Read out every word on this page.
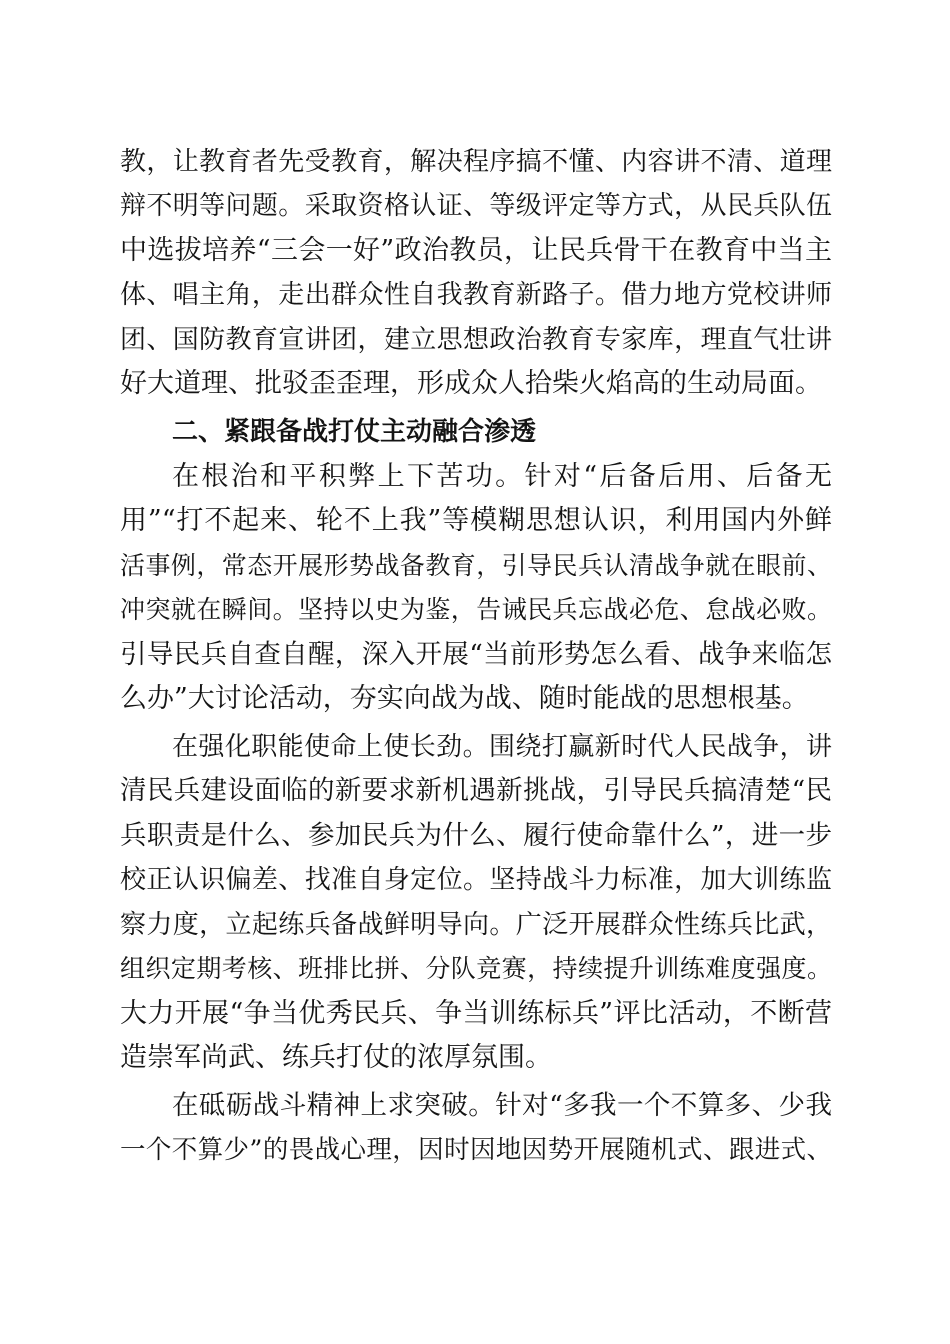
教，让教育者先受教育，解决程序搞不懂、内容讲不清、道理
辩不明等问题。采取资格认证、等级评定等方式，从民兵队伍
中选拔培养“三会一好”政治教员，让民兵骨干在教育中当主
体、唱主角，走出群众性自我教育新路子。借力地方党校讲师
团、国防教育宣讲团，建立思想政治教育专家库，理直气壮讲
好大道理、批驳歪歪理，形成众人拾柴火焰高的生动局面。
二、紧跟备战打仗主动融合渗透
在根治和平积弊上下苦功。针对“后备后用、后备无
用”“打不起来、轮不上我”等模糊思想认识，利用国内外鲜
活事例，常态开展形势战备教育，引导民兵认清战争就在眼前、
冲突就在瞬间。坚持以史为鉴，告诫民兵忘战必危、怠战必败。
引导民兵自查自醒，深入开展“当前形势怎么看、战争来临怎
么办”大讨论活动，夯实向战为战、随时能战的思想根基。
在强化职能使命上使长劲。围绕打赢新时代人民战争，讲
清民兵建设面临的新要求新机遇新挑战，引导民兵搞清楚“民
兵职责是什么、参加民兵为什么、履行使命靠什么”，进一步
校正认识偏差、找准自身定位。坚持战斗力标准，加大训练监
察力度，立起练兵备战鲜明导向。广泛开展群众性练兵比武，
组织定期考核、班排比拼、分队竞赛，持续提升训练难度强度。
大力开展“争当优秀民兵、争当训练标兵”评比活动，不断营
造崇军尚武、练兵打仗的浓厚氛围。
在砥砺战斗精神上求突破。针对“多我一个不算多、少我
一个不算少”的畏战心理，因时因地因势开展随机式、跟进式、
